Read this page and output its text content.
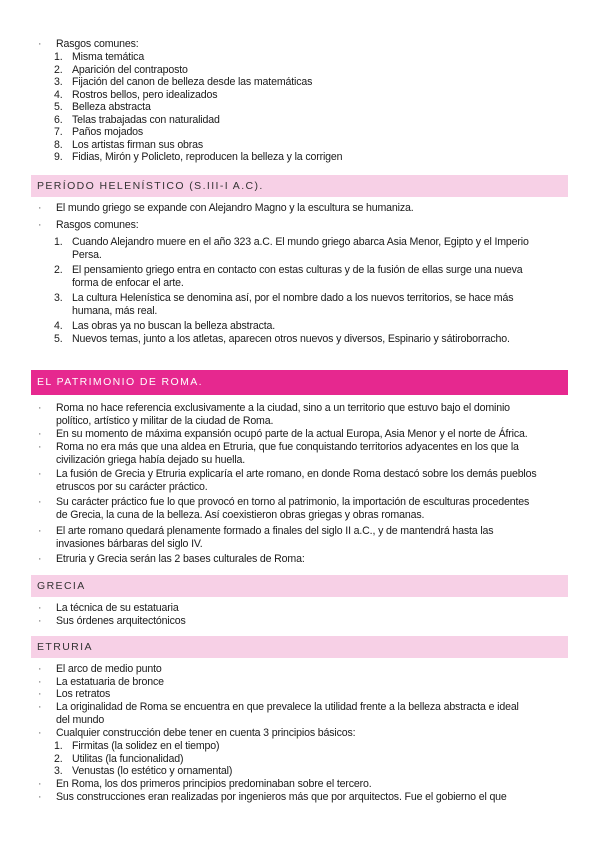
· Rasgos comunes:
1. Misma temática
2. Aparición del contraposto
3. Fijación del canon de belleza desde las matemáticas
4. Rostros bellos, pero idealizados
5. Belleza abstracta
6. Telas trabajadas con naturalidad
7. Paños mojados
8. Los artistas firman sus obras
9. Fidias, Mirón y Policleto, reproducen la belleza y la corrigen
PERÍODO HELENÍSTICO (S.III-I A.C).
· El mundo griego se expande con Alejandro Magno y la escultura se humaniza.
· Rasgos comunes:
1. Cuando Alejandro muere en el año 323 a.C. El mundo griego abarca Asia Menor, Egipto y el Imperio
Persa.
2. El pensamiento griego entra en contacto con estas culturas y de la fusión de ellas surge una nueva
forma de enfocar el arte.
3. La cultura Helenística se denomina así, por el nombre dado a los nuevos territorios, se hace más
humana, más real.
4. Las obras ya no buscan la belleza abstracta.
5. Nuevos temas, junto a los atletas, aparecen otros nuevos y diversos, Espinario y sátiroborracho.
EL PATRIMONIO DE ROMA.
· Roma no hace referencia exclusivamente a la ciudad, sino a un territorio que estuvo bajo el dominio
político, artístico y militar de la ciudad de Roma.
· En su momento de máxima expansión ocupó parte de la actual Europa, Asia Menor y el norte de África.
· Roma no era más que una aldea en Etruria, que fue conquistando territorios adyacentes en los que la
civilización griega había dejado su huella.
· La fusión de Grecia y Etruria explicaría el arte romano, en donde Roma destacó sobre los demás pueblos
etruscos por su carácter práctico.
· Su carácter práctico fue lo que provocó en torno al patrimonio, la importación de esculturas procedentes
de Grecia, la cuna de la belleza. Así coexistieron obras griegas y obras romanas.
· El arte romano quedará plenamente formado a finales del siglo II a.C., y de mantendrá hasta las
invasiones bárbaras del siglo IV.
· Etruria y Grecia serán las 2 bases culturales de Roma:
GRECIA
· La técnica de su estatuaria
· Sus órdenes arquitectónicos
ETRURIA
· El arco de medio punto
· La estatuaria de bronce
· Los retratos
· La originalidad de Roma se encuentra en que prevalece la utilidad frente a la belleza abstracta e ideal
del mundo
· Cualquier construcción debe tener en cuenta 3 principios básicos:
1. Firmitas (la solidez en el tiempo)
2. Utilitas (la funcionalidad)
3. Venustas (lo estético y ornamental)
· En Roma, los dos primeros principios predominaban sobre el tercero.
· Sus construcciones eran realizadas por ingenieros más que por arquitectos. Fue el gobierno el que
